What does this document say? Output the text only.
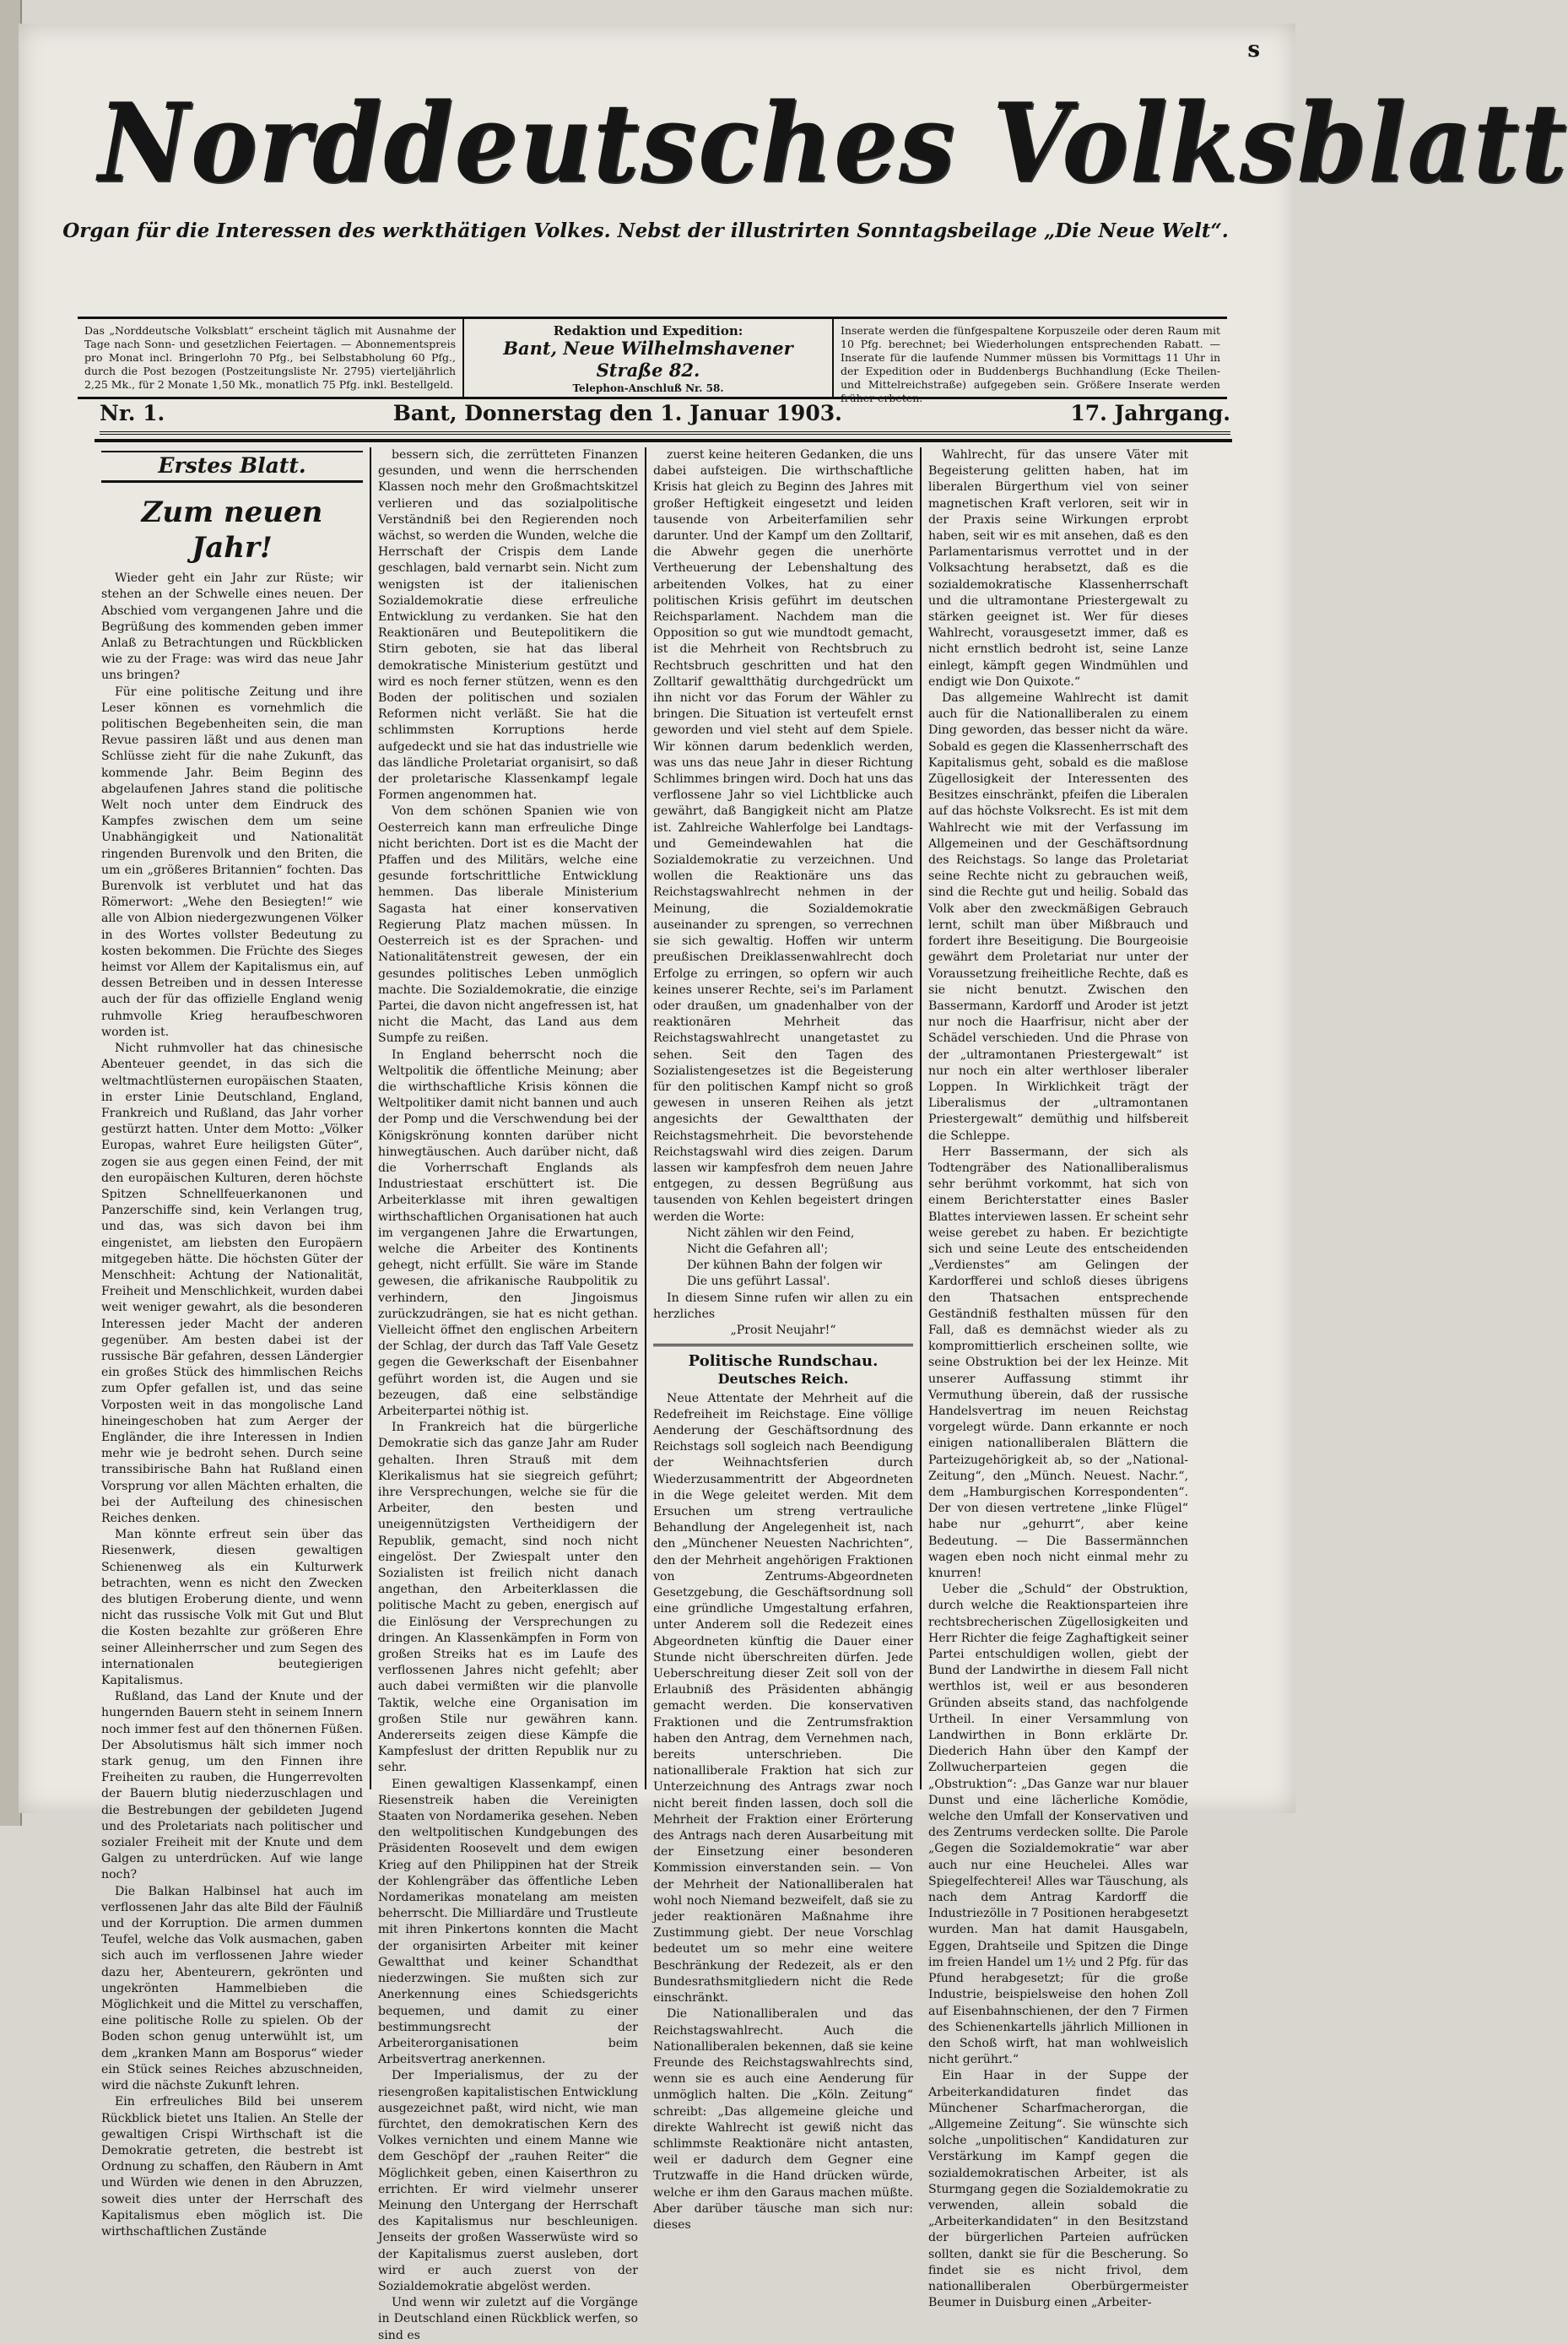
s
Norddeutsches Volksblatt
Organ für die Interessen des werkthätigen Volkes. Nebst der illustrirten Sonntagsbeilage „Die Neue Welt“.
Das „Norddeutsche Volksblatt“ erscheint täglich mit Ausnahme der Tage nach Sonn- und gesetzlichen Feiertagen. — Abonnementspreis pro Monat incl. Bringerlohn 70 Pfg., bei Selbstabholung 60 Pfg., durch die Post bezogen (Postzeitungsliste Nr. 2795) vierteljährlich 2,25 Mk., für 2 Monate 1,50 Mk., monatlich 75 Pfg. inkl. Bestellgeld.
Redaktion und Expedition:
Bant, Neue Wilhelmshavener Straße 82.
Telephon-Anschluß Nr. 58.
Inserate werden die fünfgespaltene Korpuszeile oder deren Raum mit 10 Pfg. berechnet; bei Wiederholungen entsprechenden Rabatt. — Inserate für die laufende Nummer müssen bis Vormittags 11 Uhr in der Expedition oder in Buddenbergs Buchhandlung (Ecke Theilen- und Mittelreichstraße) aufgegeben sein. Größere Inserate werden früher erbeten.
Nr. 1.	Bant, Donnerstag den 1. Januar 1903.	17. Jahrgang.
Erstes Blatt.
Zum neuen Jahr!

Wieder geht ein Jahr zur Rüste; wir stehen an der Schwelle eines neuen. Der Abschied vom vergangenen Jahre und die Begrüßung des kommenden geben immer Anlaß zu Betrachtungen und Rückblicken wie zu der Frage: was wird das neue Jahr uns bringen?

Für eine politische Zeitung und ihre Leser können es vornehmlich die politischen Begebenheiten sein, die man Revue passiren läßt und aus denen man Schlüsse zieht für die nahe Zukunft, das kommende Jahr. Beim Beginn des abgelaufenen Jahres stand die politische Welt noch unter dem Eindruck des Kampfes zwischen dem um seine Unabhängigkeit und Nationalität ringenden Burenvolk und den Briten, die um ein „größeres Britannien“ fochten. Das Burenvolk ist verblutet und hat das Römerwort: „Wehe den Besiegten!“ wie alle von Albion niedergezwungenen Völker in des Wortes vollster Bedeutung zu kosten bekommen. Die Früchte des Sieges heimst vor Allem der Kapitalismus ein, auf dessen Betreiben und in dessen Interesse auch der für das offizielle England wenig ruhmvolle Krieg heraufbeschworen worden ist.

Nicht ruhmvoller hat das chinesische Abenteuer geendet, in das sich die weltmachtlüsternen europäischen Staaten, in erster Linie Deutschland, England, Frankreich und Rußland, das Jahr vorher gestürzt hatten. Unter dem Motto: „Völker Europas, wahret Eure heiligsten Güter“, zogen sie aus gegen einen Feind, der mit den europäischen Kulturen, deren höchste Spitzen Schnellfeuerkanonen und Panzerschiffe sind, kein Verlangen trug, und das, was sich davon bei ihm eingenistet, am liebsten den Europäern mitgegeben hätte. Die höchsten Güter der Menschheit: Achtung der Nationalität, Freiheit und Menschlichkeit, wurden dabei weit weniger gewahrt, als die besonderen Interessen jeder Macht der anderen gegenüber. Am besten dabei ist der russische Bär gefahren, dessen Ländergier ein großes Stück des himmlischen Reichs zum Opfer gefallen ist, und das seine Vorposten weit in das mongolische Land hineingeschoben hat zum Aerger der Engländer, die ihre Interessen in Indien mehr wie je bedroht sehen. Durch seine transsibirische Bahn hat Rußland einen Vorsprung vor allen Mächten erhalten, die bei der Aufteilung des chinesischen Reiches denken.

Man könnte erfreut sein über das Riesenwerk, diesen gewaltigen Schienenweg als ein Kulturwerk betrachten, wenn es nicht den Zwecken des blutigen Eroberung diente, und wenn nicht das russische Volk mit Gut und Blut die Kosten bezahlte zur größeren Ehre seiner Alleinherrscher und zum Segen des internationalen beutegierigen Kapitalismus.

Rußland, das Land der Knute und der hungernden Bauern steht in seinem Innern noch immer fest auf den thönernen Füßen. Der Absolutismus hält sich immer noch stark genug, um den Finnen ihre Freiheiten zu rauben, die Hungerrevolten der Bauern blutig niederzuschlagen und die Bestrebungen der gebildeten Jugend und des Proletariats nach politischer und sozialer Freiheit mit der Knute und dem Galgen zu unterdrücken. Auf wie lange noch?

Die Balkan Halbinsel hat auch im verflossenen Jahr das alte Bild der Fäulniß und der Korruption. Die armen dummen Teufel, welche das Volk ausmachen, gaben sich auch im verflossenen Jahre wieder dazu her, Abenteurern, gekrönten und ungekrönten Hammelbieben die Möglichkeit und die Mittel zu verschaffen, eine politische Rolle zu spielen. Ob der Boden schon genug unterwühlt ist, um dem „kranken Mann am Bosporus“ wieder ein Stück seines Reiches abzuschneiden, wird die nächste Zukunft lehren.

Ein erfreuliches Bild bei unserem Rückblick bietet uns Italien. An Stelle der gewaltigen Crispi Wirthschaft ist die Demokratie getreten, die bestrebt ist Ordnung zu schaffen, den Räubern in Amt und Würden wie denen in den Abruzzen, soweit dies unter der Herrschaft des Kapitalismus eben möglich ist. Die wirthschaftlichen Zustände

bessern sich, die zerrütteten Finanzen gesunden, und wenn die herrschenden Klassen noch mehr den Großmachtskitzel verlieren und das sozialpolitische Verständniß bei den Regierenden noch wächst, so werden die Wunden, welche die Herrschaft der Crispis dem Lande geschlagen, bald vernarbt sein. Nicht zum wenigsten ist der italienischen Sozialdemokratie diese erfreuliche Entwicklung zu verdanken. Sie hat den Reaktionären und Beutepolitikern die Stirn geboten, sie hat das liberal demokratische Ministerium gestützt und wird es noch ferner stützen, wenn es den Boden der politischen und sozialen Reformen nicht verläßt. Sie hat die schlimmsten Korruptions herde aufgedeckt und sie hat das industrielle wie das ländliche Proletariat organisirt, so daß der proletarische Klassenkampf legale Formen angenommen hat.

Von dem schönen Spanien wie von Oesterreich kann man erfreuliche Dinge nicht berichten. Dort ist es die Macht der Pfaffen und des Militärs, welche eine gesunde fortschrittliche Entwicklung hemmen. Das liberale Ministerium Sagasta hat einer konservativen Regierung Platz machen müssen. In Oesterreich ist es der Sprachen- und Nationalitätenstreit gewesen, der ein gesundes politisches Leben unmöglich machte. Die Sozialdemokratie, die einzige Partei, die davon nicht angefressen ist, hat nicht die Macht, das Land aus dem Sumpfe zu reißen.

In England beherrscht noch die Weltpolitik die öffentliche Meinung; aber die wirthschaftliche Krisis können die Weltpolitiker damit nicht bannen und auch der Pomp und die Verschwendung bei der Königskrönung konnten darüber nicht hinwegtäuschen. Auch darüber nicht, daß die Vorherrschaft Englands als Industriestaat erschüttert ist. Die Arbeiterklasse mit ihren gewaltigen wirthschaftlichen Organisationen hat auch im vergangenen Jahre die Erwartungen, welche die Arbeiter des Kontinents gehegt, nicht erfüllt. Sie wäre im Stande gewesen, die afrikanische Raubpolitik zu verhindern, den Jingoismus zurückzudrängen, sie hat es nicht gethan. Vielleicht öffnet den englischen Arbeitern der Schlag, der durch das Taff Vale Gesetz gegen die Gewerkschaft der Eisenbahner geführt worden ist, die Augen und sie bezeugen, daß eine selbständige Arbeiterpartei nöthig ist.

In Frankreich hat die bürgerliche Demokratie sich das ganze Jahr am Ruder gehalten. Ihren Strauß mit dem Klerikalismus hat sie siegreich geführt; ihre Versprechungen, welche sie für die Arbeiter, den besten und uneigennützigsten Vertheidigern der Republik, gemacht, sind noch nicht eingelöst. Der Zwiespalt unter den Sozialisten ist freilich nicht danach angethan, den Arbeiterklassen die politische Macht zu geben, energisch auf die Einlösung der Versprechungen zu dringen. An Klassenkämpfen in Form von großen Streiks hat es im Laufe des verflossenen Jahres nicht gefehlt; aber auch dabei vermißten wir die planvolle Taktik, welche eine Organisation im großen Stile nur gewähren kann. Andererseits zeigen diese Kämpfe die Kampfeslust der dritten Republik nur zu sehr.

Einen gewaltigen Klassenkampf, einen Riesenstreik haben die Vereinigten Staaten von Nordamerika gesehen. Neben den weltpolitischen Kundgebungen des Präsidenten Roosevelt und dem ewigen Krieg auf den Philippinen hat der Streik der Kohlengräber das öffentliche Leben Nordamerikas monatelang am meisten beherrscht. Die Milliardäre und Trustleute mit ihren Pinkertons konnten die Macht der organisirten Arbeiter mit keiner Gewaltthat und keiner Schandthat niederzwingen. Sie mußten sich zur Anerkennung eines Schiedsgerichts bequemen, und damit zu einer bestimmungsrecht der Arbeiterorganisationen beim Arbeitsvertrag anerkennen.

Der Imperialismus, der zu der riesengroßen kapitalistischen Entwicklung ausgezeichnet paßt, wird nicht, wie man fürchtet, den demokratischen Kern des Volkes vernichten und einem Manne wie dem Geschöpf der „rauhen Reiter“ die Möglichkeit geben, einen Kaiserthron zu errichten. Er wird vielmehr unserer Meinung den Untergang der Herrschaft des Kapitalismus nur beschleunigen. Jenseits der großen Wasserwüste wird so der Kapitalismus zuerst ausleben, dort wird er auch zuerst von der Sozialdemokratie abgelöst werden.

Und wenn wir zuletzt auf die Vorgänge in Deutschland einen Rückblick werfen, so sind es

zuerst keine heiteren Gedanken, die uns dabei aufsteigen. Die wirthschaftliche Krisis hat gleich zu Beginn des Jahres mit großer Heftigkeit eingesetzt und leiden tausende von Arbeiterfamilien sehr darunter. Und der Kampf um den Zolltarif, die Abwehr gegen die unerhörte Vertheuerung der Lebenshaltung des arbeitenden Volkes, hat zu einer politischen Krisis geführt im deutschen Reichsparlament. Nachdem man die Opposition so gut wie mundtodt gemacht, ist die Mehrheit von Rechtsbruch zu Rechtsbruch geschritten und hat den Zolltarif gewaltthätig durchgedrückt um ihn nicht vor das Forum der Wähler zu bringen. Die Situation ist verteufelt ernst geworden und viel steht auf dem Spiele. Wir können darum bedenklich werden, was uns das neue Jahr in dieser Richtung Schlimmes bringen wird. Doch hat uns das verflossene Jahr so viel Lichtblicke auch gewährt, daß Bangigkeit nicht am Platze ist. Zahlreiche Wahlerfolge bei Landtags- und Gemeindewahlen hat die Sozialdemokratie zu verzeichnen. Und wollen die Reaktionäre uns das Reichstagswahlrecht nehmen in der Meinung, die Sozialdemokratie auseinander zu sprengen, so verrechnen sie sich gewaltig. Hoffen wir unterm preußischen Dreiklassenwahlrecht doch Erfolge zu erringen, so opfern wir auch keines unserer Rechte, sei's im Parlament oder draußen, um gnadenhalber von der reaktionären Mehrheit das Reichstagswahlrecht unangetastet zu sehen. Seit den Tagen des Sozialistengesetzes ist die Begeisterung für den politischen Kampf nicht so groß gewesen in unseren Reihen als jetzt angesichts der Gewaltthaten der Reichstagsmehrheit. Die bevorstehende Reichstagswahl wird dies zeigen. Darum lassen wir kampfesfroh dem neuen Jahre entgegen, zu dessen Begrüßung aus tausenden von Kehlen begeistert dringen werden die Worte:

Nicht zählen wir den Feind,

Nicht die Gefahren all';

Der kühnen Bahn der folgen wir

Die uns geführt Lassal'.

In diesem Sinne rufen wir allen zu ein herzliches

„Prosit Neujahr!“

Politische Rundschau.
Deutsches Reich.

Neue Attentate der Mehrheit auf die Redefreiheit im Reichstage. Eine völlige Aenderung der Geschäftsordnung des Reichstags soll sogleich nach Beendigung der Weihnachtsferien durch Wiederzusammentritt der Abgeordneten in die Wege geleitet werden. Mit dem Ersuchen um streng vertrauliche Behandlung der Angelegenheit ist, nach den „Münchener Neuesten Nachrichten“, den der Mehrheit angehörigen Fraktionen von Zentrums-Abgeordneten Gesetzgebung, die Geschäftsordnung soll eine gründliche Umgestaltung erfahren, unter Anderem soll die Redezeit eines Abgeordneten künftig die Dauer einer Stunde nicht überschreiten dürfen. Jede Ueberschreitung dieser Zeit soll von der Erlaubniß des Präsidenten abhängig gemacht werden. Die konservativen Fraktionen und die Zentrumsfraktion haben den Antrag, dem Vernehmen nach, bereits unterschrieben. Die nationalliberale Fraktion hat sich zur Unterzeichnung des Antrags zwar noch nicht bereit finden lassen, doch soll die Mehrheit der Fraktion einer Erörterung des Antrags nach deren Ausarbeitung mit der Einsetzung einer besonderen Kommission einverstanden sein. — Von der Mehrheit der Nationalliberalen hat wohl noch Niemand bezweifelt, daß sie zu jeder reaktionären Maßnahme ihre Zustimmung giebt. Der neue Vorschlag bedeutet um so mehr eine weitere Beschränkung der Redezeit, als er den Bundesrathsmitgliedern nicht die Rede einschränkt.

Die Nationalliberalen und das Reichstagswahlrecht. Auch die Nationalliberalen bekennen, daß sie keine Freunde des Reichstagswahlrechts sind, wenn sie es auch eine Aenderung für unmöglich halten. Die „Köln. Zeitung“ schreibt: „Das allgemeine gleiche und direkte Wahlrecht ist gewiß nicht das schlimmste Reaktionäre nicht antasten, weil er dadurch dem Gegner eine Trutzwaffe in die Hand drücken würde, welche er ihm den Garaus machen müßte. Aber darüber täusche man sich nur: dieses

Wahlrecht, für das unsere Väter mit Begeisterung gelitten haben, hat im liberalen Bürgerthum viel von seiner magnetischen Kraft verloren, seit wir in der Praxis seine Wirkungen erprobt haben, seit wir es mit ansehen, daß es den Parlamentarismus verrottet und in der Volksachtung herabsetzt, daß es die sozialdemokratische Klassenherrschaft und die ultramontane Priestergewalt zu stärken geeignet ist. Wer für dieses Wahlrecht, vorausgesetzt immer, daß es nicht ernstlich bedroht ist, seine Lanze einlegt, kämpft gegen Windmühlen und endigt wie Don Quixote.“

Das allgemeine Wahlrecht ist damit auch für die Nationalliberalen zu einem Ding geworden, das besser nicht da wäre. Sobald es gegen die Klassenherrschaft des Kapitalismus geht, sobald es die maßlose Zügellosigkeit der Interessenten des Besitzes einschränkt, pfeifen die Liberalen auf das höchste Volksrecht. Es ist mit dem Wahlrecht wie mit der Verfassung im Allgemeinen und der Geschäftsordnung des Reichstags. So lange das Proletariat seine Rechte nicht zu gebrauchen weiß, sind die Rechte gut und heilig. Sobald das Volk aber den zweckmäßigen Gebrauch lernt, schilt man über Mißbrauch und fordert ihre Beseitigung. Die Bourgeoisie gewährt dem Proletariat nur unter der Voraussetzung freiheitliche Rechte, daß es sie nicht benutzt. Zwischen den Bassermann, Kardorff und Aroder ist jetzt nur noch die Haarfrisur, nicht aber der Schädel verschieden. Und die Phrase von der „ultramontanen Priestergewalt“ ist nur noch ein alter werthloser liberaler Loppen. In Wirklichkeit trägt der Liberalismus der „ultramontanen Priestergewalt“ demüthig und hilfsbereit die Schleppe.

Herr Bassermann, der sich als Todtengräber des Nationalliberalismus sehr berühmt vorkommt, hat sich von einem Berichterstatter eines Basler Blattes interviewen lassen. Er scheint sehr weise gerebet zu haben. Er bezichtigte sich und seine Leute des entscheidenden „Verdienstes“ am Gelingen der Kardorfferei und schloß dieses übrigens den Thatsachen entsprechende Geständniß festhalten müssen für den Fall, daß es demnächst wieder als zu kompromittierlich erscheinen sollte, wie seine Obstruktion bei der lex Heinze. Mit unserer Auffassung stimmt ihr Vermuthung überein, daß der russische Handelsvertrag im neuen Reichstag vorgelegt würde. Dann erkannte er noch einigen nationalliberalen Blättern die Parteizugehörigkeit ab, so der „National-Zeitung“, den „Münch. Neuest. Nachr.“, dem „Hamburgischen Korrespondenten“. Der von diesen vertretene „linke Flügel“ habe nur „gehurrt“, aber keine Bedeutung. — Die Bassermännchen wagen eben noch nicht einmal mehr zu knurren!

Ueber die „Schuld“ der Obstruktion, durch welche die Reaktionsparteien ihre rechtsbrecherischen Zügellosigkeiten und Herr Richter die feige Zaghaftigkeit seiner Partei entschuldigen wollen, giebt der Bund der Landwirthe in diesem Fall nicht werthlos ist, weil er aus besonderen Gründen abseits stand, das nachfolgende Urtheil. In einer Versammlung von Landwirthen in Bonn erklärte Dr. Diederich Hahn über den Kampf der Zollwucherparteien gegen die „Obstruktion“: „Das Ganze war nur blauer Dunst und eine lächerliche Komödie, welche den Umfall der Konservativen und des Zentrums verdecken sollte. Die Parole „Gegen die Sozialdemokratie“ war aber auch nur eine Heuchelei. Alles war Spiegelfechterei! Alles war Täuschung, als nach dem Antrag Kardorff die Industriezölle in 7 Positionen herabgesetzt wurden. Man hat damit Hausgabeln, Eggen, Drahtseile und Spitzen die Dinge im freien Handel um 1½ und 2 Pfg. für das Pfund herabgesetzt; für die große Industrie, beispielsweise den hohen Zoll auf Eisenbahnschienen, der den 7 Firmen des Schienenkartells jährlich Millionen in den Schoß wirft, hat man wohlweislich nicht gerührt.“

Ein Haar in der Suppe der Arbeiterkandidaturen findet das Münchener Scharfmacherorgan, die „Allgemeine Zeitung“. Sie wünschte sich solche „unpolitischen“ Kandidaturen zur Verstärkung im Kampf gegen die sozialdemokratischen Arbeiter, ist als Sturmgang gegen die Sozialdemokratie zu verwenden, allein sobald die „Arbeiterkandidaten“ in den Besitzstand der bürgerlichen Parteien aufrücken sollten, dankt sie für die Bescherung. So findet sie es nicht frivol, dem nationalliberalen Oberbürgermeister Beumer in Duisburg einen „Arbeiter-
